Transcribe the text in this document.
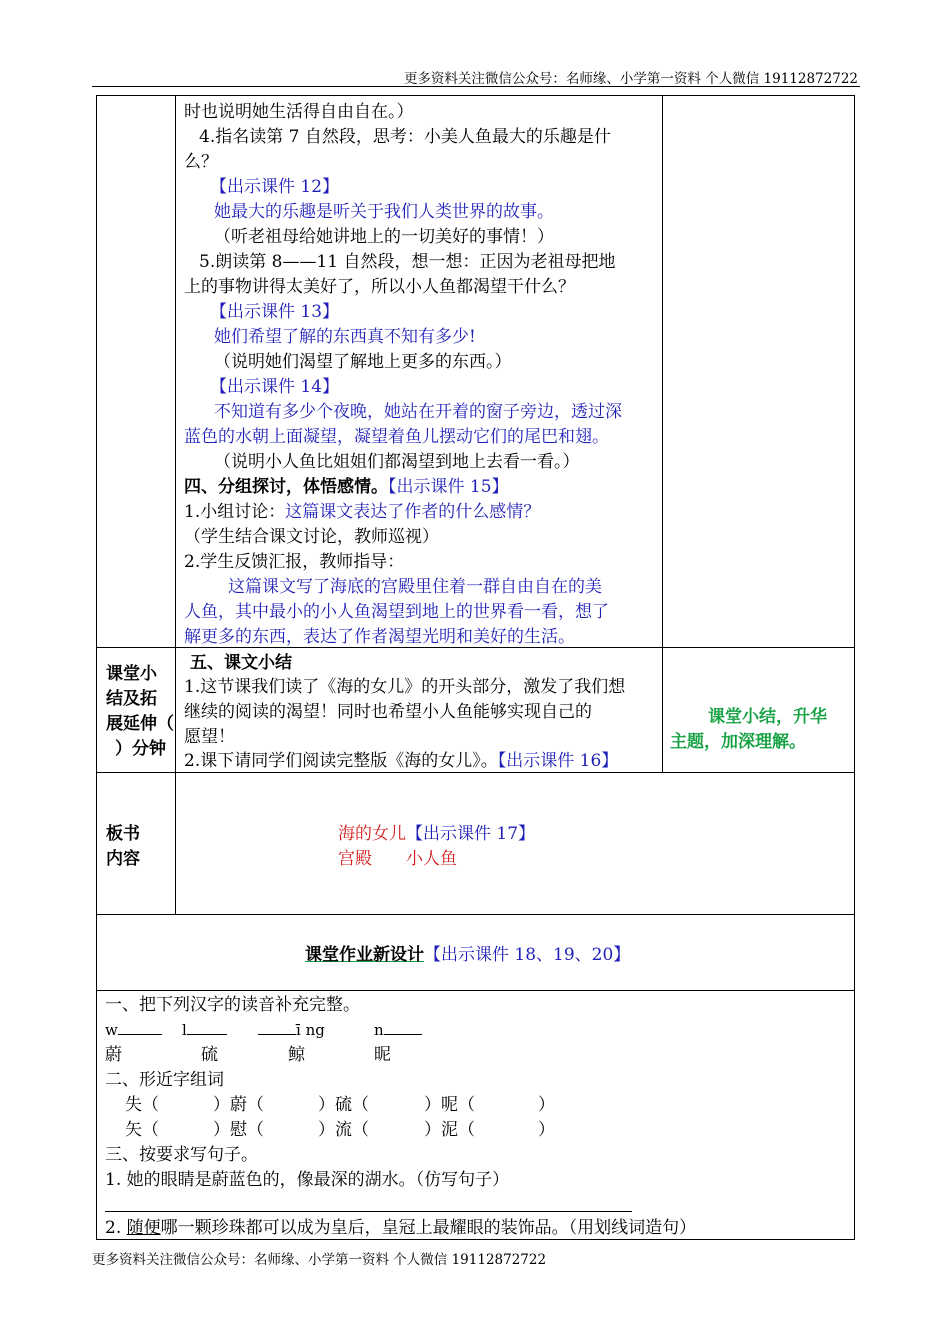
更多资料关注微信公众号：名师缘、小学第一资料 个人微信 19112872722
更多资料关注微信公众号：名师缘、小学第一资料 个人微信 19112872722
时也说明她生活得自由自在。）
4.指名读第 7 自然段，思考：小美人鱼最大的乐趣是什
么？
【出示课件 12】
她最大的乐趣是听关于我们人类世界的故事。
（听老祖母给她讲地上的一切美好的事情！）
5.朗读第 8——11 自然段，想一想：正因为老祖母把地
上的事物讲得太美好了，所以小人鱼都渴望干什么？
【出示课件 13】
她们希望了解的东西真不知有多少!
（说明她们渴望了解地上更多的东西。）
【出示课件 14】
不知道有多少个夜晚，她站在开着的窗子旁边，透过深
蓝色的水朝上面凝望，凝望着鱼儿摆动它们的尾巴和翅。
（说明小人鱼比姐姐们都渴望到地上去看一看。）
四、分组探讨，体悟感情。【出示课件 15】
1.小组讨论：这篇课文表达了作者的什么感情？
（学生结合课文讨论，教师巡视）
2.学生反馈汇报，教师指导：
这篇课文写了海底的宫殿里住着一群自由自在的美
人鱼，其中最小的小人鱼渴望到地上的世界看一看，想了
解更多的东西，表达了作者渴望光明和美好的生活。
课堂小
结及拓
展延伸（
）分钟
五、课文小结
1.这节课我们读了《海的女儿》的开头部分，激发了我们想
继续的阅读的渴望！同时也希望小人鱼能够实现自己的
愿望！
2.课下请同学们阅读完整版《海的女儿》。【出示课件 16】
课堂小结，升华
主题，加深理解。
板书
内容
海的女儿【出示课件 17】
宫殿 小人鱼
课堂作业新设计【出示课件 18、19、20】
一、把下列汉字的读音补充完整。
w	l	ī ng	n
蔚	硫	鲸	昵
二、形近字组词
失（	）蔚（	）硫（	）呢（	）
矢（	）慰（	）流（	）泥（	）
三、按要求写句子。
1. 她的眼睛是蔚蓝色的，像最深的湖水。（仿写句子）
2. 随便哪一颗珍珠都可以成为皇后，皇冠上最耀眼的装饰品。（用划线词造句）
